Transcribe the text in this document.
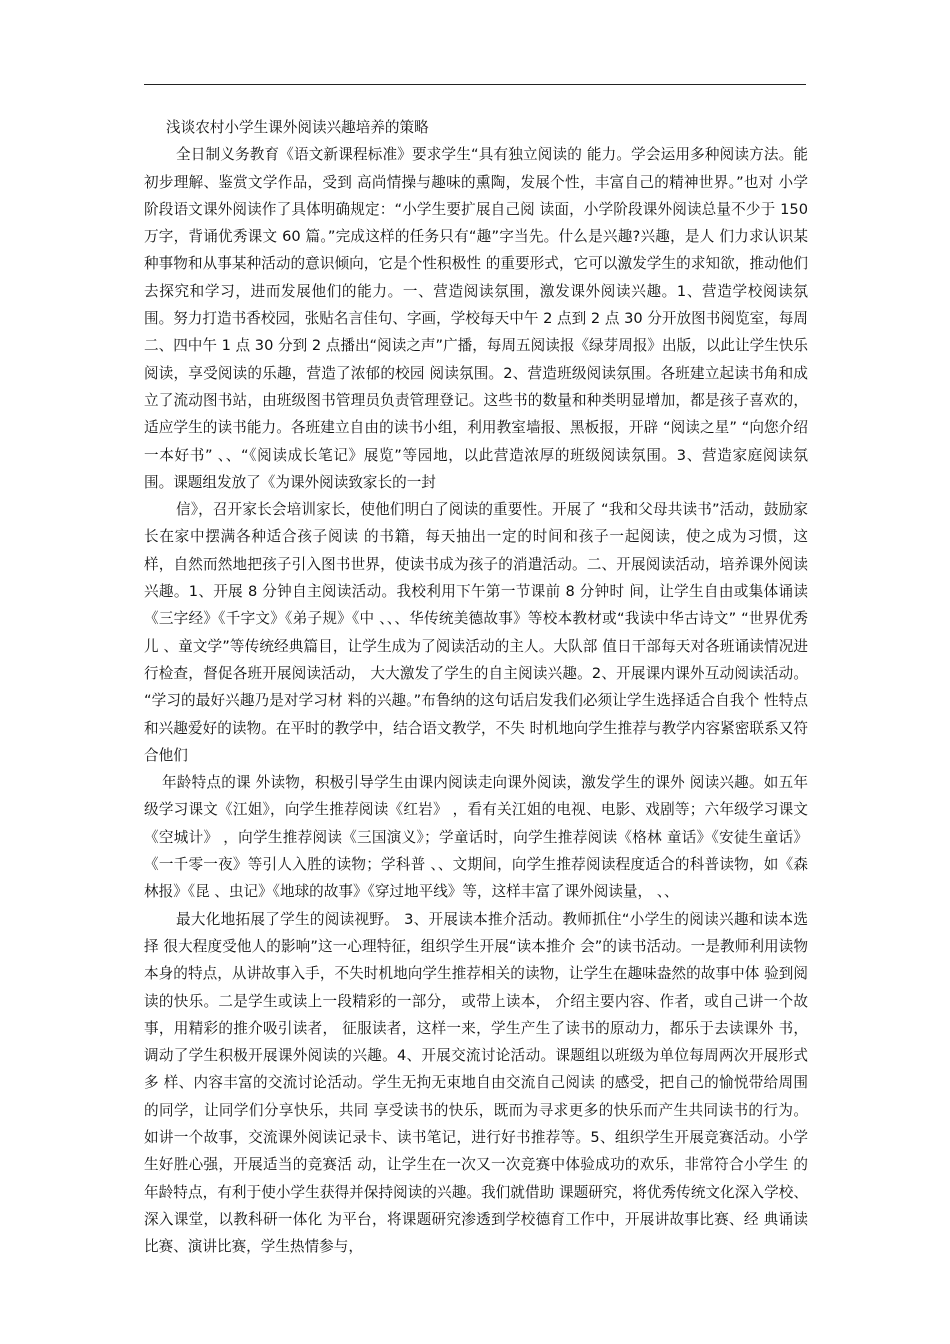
浅谈农村小学生课外阅读兴趣培养的策略

全日制义务教育《语文新课程标准》要求学生“具有独立阅读的 能力。学会运用多种阅读方法。能初步理解、鉴赏文学作品，受到 高尚情操与趣味的熏陶，发展个性，丰富自己的精神世界。”也对 小学阶段语文课外阅读作了具体明确规定：“小学生要扩展自己阅 读面，小学阶段课外阅读总量不少于 150 万字，背诵优秀课文 60 篇。”完成这样的任务只有“趣”字当先。什么是兴趣?兴趣，是人 们力求认识某种事物和从事某种活动的意识倾向，它是个性积极性 的重要形式，它可以激发学生的求知欲，推动他们去探究和学习，进而发展他们的能力。一、营造阅读氛围，激发课外阅读兴趣。1、营造学校阅读氛围。努力打造书香校园，张贴名言佳句、字画，学校每天中午 2 点到 2 点 30 分开放图书阅览室，每周二、四中午 1 点 30 分到 2 点播出“阅读之声”广播，每周五阅读报《绿芽周报》出版，以此让学生快乐阅读，享受阅读的乐趣，营造了浓郁的校园 阅读氛围。2、营造班级阅读氛围。各班建立起读书角和成立了流动图书站，由班级图书管理员负责管理登记。这些书的数量和种类明显增加，都是孩子喜欢的，适应学生的读书能力。各班建立自由的读书小组，利用教室墙报、黑板报，开辟 “阅读之星” “向您介绍一本好书” 、、“《阅读成长笔记》展览”等园地，以此营造浓厚的班级阅读氛围。3、营造家庭阅读氛围。课题组发放了《为课外阅读致家长的一封

信》，召开家长会培训家长，使他们明白了阅读的重要性。开展了 “我和父母共读书”活动，鼓励家长在家中摆满各种适合孩子阅读 的书籍，每天抽出一定的时间和孩子一起阅读，使之成为习惯，这 样，自然而然地把孩子引入图书世界，使读书成为孩子的消遣活动。二、开展阅读活动，培养课外阅读兴趣。1、开展 8 分钟自主阅读活动。我校利用下午第一节课前 8 分钟时 间，让学生自由或集体诵读《三字经》《千字文》《弟子规》《中 、、、华传统美德故事》等校本教材或“我读中华古诗文” “世界优秀儿 、童文学”等传统经典篇目，让学生成为了阅读活动的主人。大队部 值日干部每天对各班诵读情况进行检查，督促各班开展阅读活动， 大大激发了学生的自主阅读兴趣。2、开展课内课外互动阅读活动。 “学习的最好兴趣乃是对学习材 料的兴趣。”布鲁纳的这句话启发我们必须让学生选择适合自我个 性特点和兴趣爱好的读物。在平时的教学中，结合语文教学，不失 时机地向学生推荐与教学内容紧密联系又符合他们

年龄特点的课 外读物，积极引导学生由课内阅读走向课外阅读，激发学生的课外 阅读兴趣。如五年级学习课文《江姐》，向学生推荐阅读《红岩》 ，看有关江姐的电视、电影、戏剧等；六年级学习课文《空城计》 ，向学生推荐阅读《三国演义》；学童话时，向学生推荐阅读《格林 童话》《安徒生童话》《一千零一夜》等引人入胜的读物；学科普 、、文期间，向学生推荐阅读程度适合的科普读物，如《森林报》《昆 、虫记》《地球的故事》《穿过地平线》等，这样丰富了课外阅读量， 、、

最大化地拓展了学生的阅读视野。 3、开展读本推介活动。教师抓住“小学生的阅读兴趣和读本选择 很大程度受他人的影响”这一心理特征，组织学生开展“读本推介 会”的读书活动。一是教师利用读物本身的特点，从讲故事入手，不失时机地向学生推荐相关的读物，让学生在趣味盎然的故事中体 验到阅读的快乐。二是学生或读上一段精彩的一部分， 或带上读本， 介绍主要内容、作者，或自己讲一个故事，用精彩的推介吸引读者， 征服读者，这样一来，学生产生了读书的原动力，都乐于去读课外 书，调动了学生积极开展课外阅读的兴趣。4、开展交流讨论活动。课题组以班级为单位每周两次开展形式多 样、内容丰富的交流讨论活动。学生无拘无束地自由交流自己阅读 的感受，把自己的愉悦带给周围的同学，让同学们分享快乐，共同 享受读书的快乐，既而为寻求更多的快乐而产生共同读书的行为。 如讲一个故事，交流课外阅读记录卡、读书笔记，进行好书推荐等。5、组织学生开展竞赛活动。小学生好胜心强，开展适当的竞赛活 动，让学生在一次又一次竞赛中体验成功的欢乐，非常符合小学生 的年龄特点，有利于使小学生获得并保持阅读的兴趣。我们就借助 课题研究，将优秀传统文化深入学校、深入课堂，以教科研一体化 为平台，将课题研究渗透到学校德育工作中，开展讲故事比赛、经 典诵读比赛、演讲比赛，学生热情参与，
